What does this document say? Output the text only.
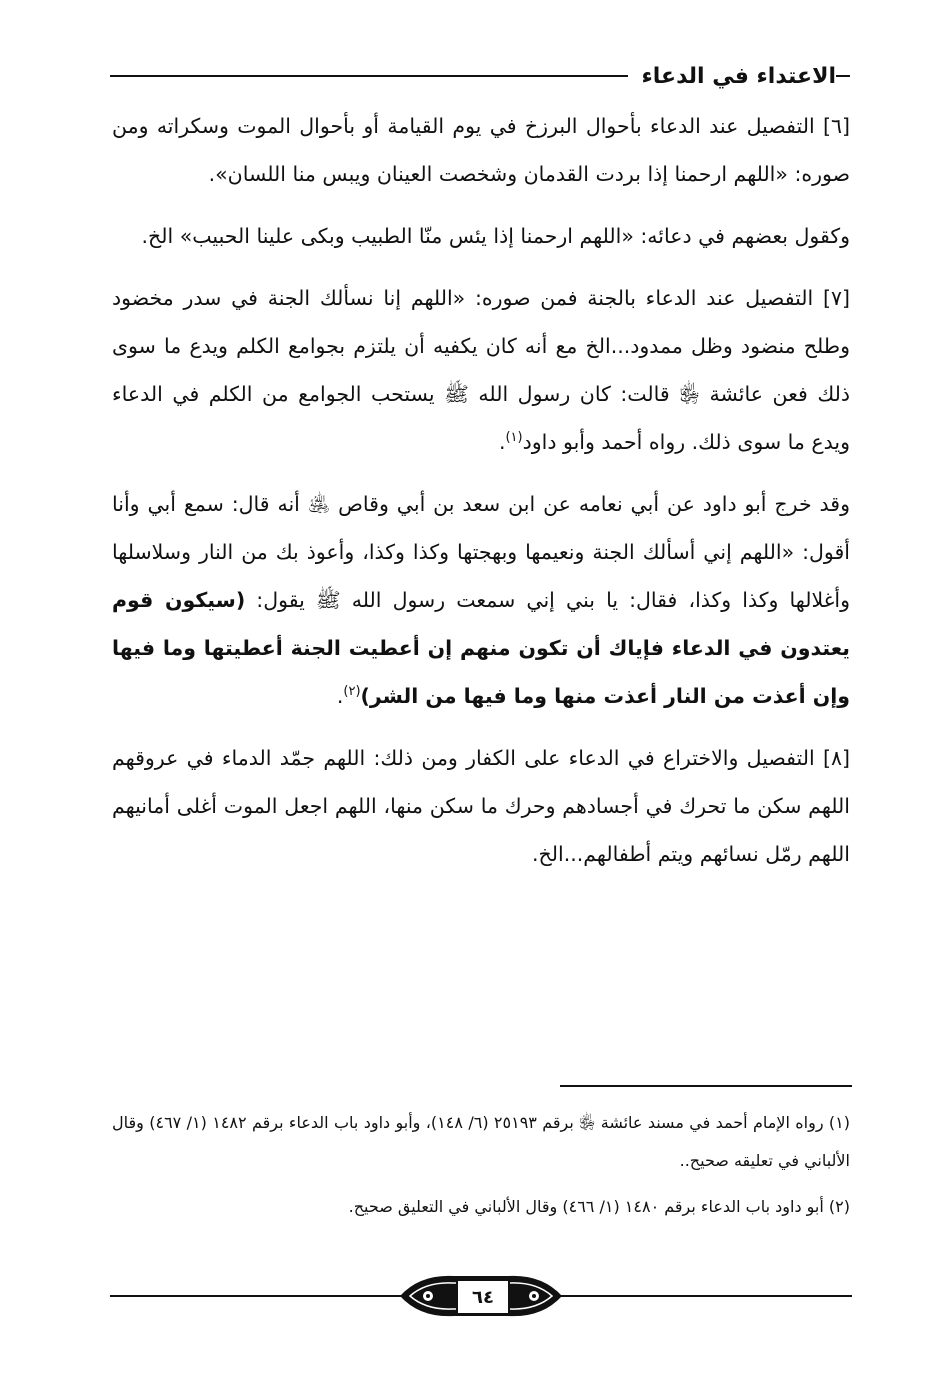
الاعتداء في الدعاء

[٦] التفصيل عند الدعاء بأحوال البرزخ في يوم القيامة أو بأحوال الموت وسكراته ومن صوره: «اللهم ارحمنا إذا بردت القدمان وشخصت العينان ويبس منا اللسان».

وكقول بعضهم في دعائه: «اللهم ارحمنا إذا يئس منّا الطبيب وبكى علينا الحبيب» الخ.

[٧] التفصيل عند الدعاء بالجنة فمن صوره: «اللهم إنا نسألك الجنة في سدر مخضود وطلح منضود وظل ممدود...الخ مع أنه كان يكفيه أن يلتزم بجوامع الكلم ويدع ما سوى ذلك فعن عائشة ﵂ قالت: كان رسول الله ﷺ يستحب الجوامع من الكلم في الدعاء ويدع ما سوى ذلك. رواه أحمد وأبو داود$^{(١)}$.

وقد خرج أبو داود عن أبي نعامه عن ابن سعد بن أبي وقاص ﵁ أنه قال: سمع أبي وأنا أقول: «اللهم إني أسألك الجنة ونعيمها وبهجتها وكذا وكذا، وأعوذ بك من النار وسلاسلها وأغلالها وكذا وكذا، فقال: يا بني إني سمعت رسول الله ﷺ يقول: (سيكون قوم يعتدون في الدعاء فإياك أن تكون منهم إن أعطيت الجنة أعطيتها وما فيها وإن أعذت من النار أعذت منها وما فيها من الشر)$^{(٢)}$.

[٨] التفصيل والاختراع في الدعاء على الكفار ومن ذلك: اللهم جمّد الدماء في عروقهم اللهم سكن ما تحرك في أجسادهم وحرك ما سكن منها، اللهم اجعل الموت أغلى أمانيهم اللهم رمّل نسائهم ويتم أطفالهم...الخ.

(١) رواه الإمام أحمد في مسند عائشة ﵂ برقم ٢٥١٩٣ (٦/ ١٤٨)، وأبو داود باب الدعاء برقم ١٤٨٢ (١/ ٤٦٧) وقال الألباني في تعليقه صحيح..

(٢) أبو داود باب الدعاء برقم ١٤٨٠ (١/ ٤٦٦) وقال الألباني في التعليق صحيح.

٦٤
